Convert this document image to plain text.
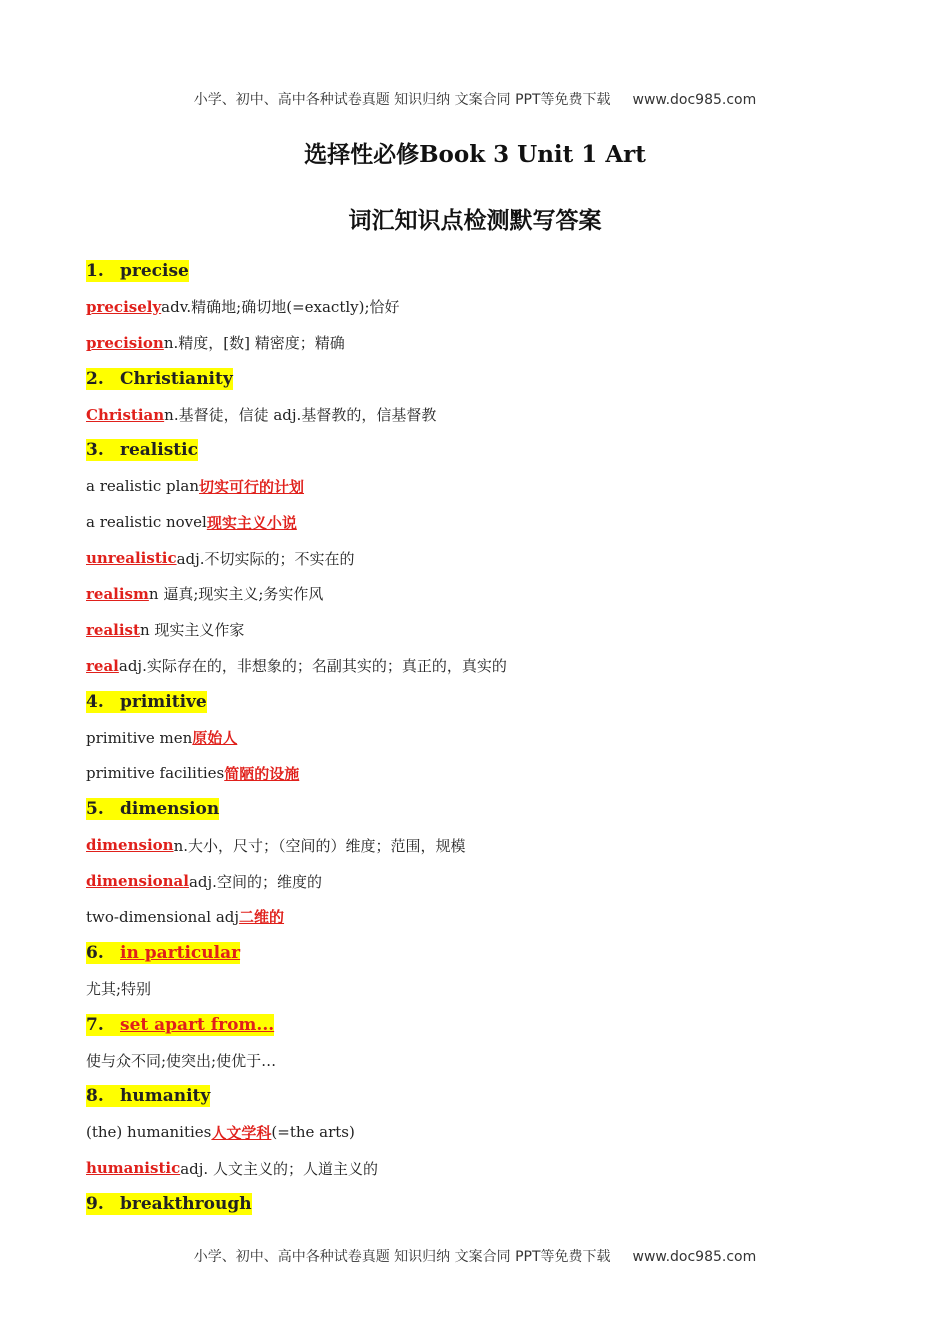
小学、初中、高中各种试卷真题 知识归纳 文案合同 PPT等免费下载 www.doc985.com
选择性必修Book 3 Unit 1 Art
词汇知识点检测默写答案
1. precise
precisely adv.精确地;确切地(=exactly);恰好
precision n.精度，[数] 精密度；精确
2. Christianity
Christian n.基督徒，信徒 adj.基督教的，信基督教
3. realistic
a realistic plan 切实可行的计划
a realistic novel 现实主义小说
unrealistic adj.不切实际的；不实在的
realism n 逼真;现实主义;务实作风
realist n 现实主义作家
real adj.实际存在的，非想象的；名副其实的；真正的，真实的
4. primitive
primitive men 原始人
primitive facilities 简陋的设施
5. dimension
dimension n.大小，尺寸；（空间的）维度；范围，规模
dimensional adj.空间的；维度的
two-dimensional adj 二维的
6. in particular
尤其;特别
7. set apart from...
使与众不同;使突出;使优于…
8. humanity
(the) humanities 人文学科 (=the arts)
humanistic adj. 人文主义的；人道主义的
9. breakthrough
小学、初中、高中各种试卷真题 知识归纳 文案合同 PPT等免费下载 www.doc985.com
